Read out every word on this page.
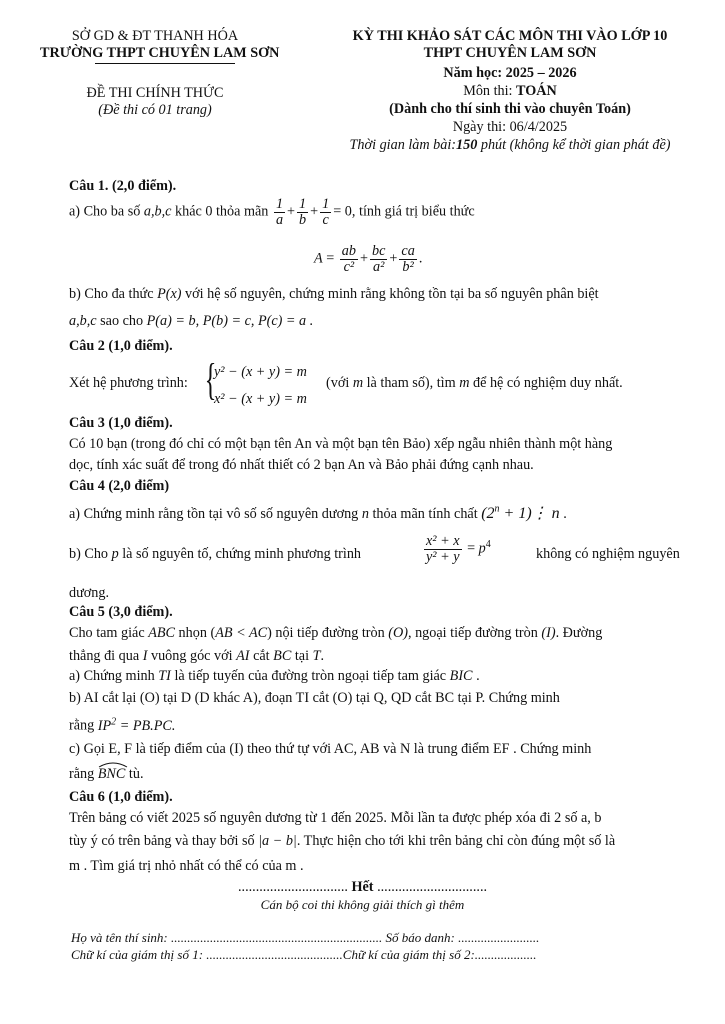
SỞ GD & ĐT THANH HÓA
TRƯỜNG THPT CHUYÊN LAM SƠN
ĐỀ THI CHÍNH THỨC
(Đề thi có 01 trang)
KỲ THI KHẢO SÁT CÁC MÔN THI VÀO LỚP 10
THPT CHUYÊN LAM SƠN
Năm học: 2025 – 2026
Môn thi: TOÁN
(Dành cho thí sinh thi vào chuyên Toán)
Ngày thi: 06/4/2025
Thời gian làm bài:150 phút (không kể thời gian phát đề)
Câu 1. (2,0 điểm).
a) Cho ba số a,b,c khác 0 thỏa mãn $\frac{1}{a} + \frac{1}{b} + \frac{1}{c} = 0$, tính giá trị biểu thức
$A = \frac{ab}{\text{c²}} + \frac{bc}{\text{a²}} + \frac{ca}{\text{b²}}$ .
b) Cho đa thức P(x) với hệ số nguyên, chứng minh rằng không tồn tại ba số nguyên phân biệt
a,b,c sao cho P(a) = b, P(b) = c, P(c) = a .
Câu 2 (1,0 điểm).
Xét hệ phương trình: {
y² − (x + y) = m
x² − (x + y) = m
(với m là tham số), tìm m để hệ có nghiệm duy nhất.
Câu 3 (1,0 điểm).
Có 10 bạn (trong đó chỉ có một bạn tên An và một bạn tên Bảo) xếp ngẫu nhiên thành một hàng
dọc, tính xác suất để trong đó nhất thiết có 2 bạn An và Bảo phải đứng cạnh nhau.
Câu 4 (2,0 điểm)
a) Chứng minh rằng tồn tại vô số số nguyên dương n thỏa mãn tính chất ($2^n$ + 1)⋮ n .
b) Cho p là số nguyên tố, chứng minh phương trình	$\frac{\text{x² + x}}{\text{y² + y}} = p^4$
không có nghiệm nguyên
dương.
Câu 5 (3,0 điểm).
Cho tam giác ABC nhọn (AB < AC) nội tiếp đường tròn (O), ngoại tiếp đường tròn (I). Đường
thẳng đi qua I vuông góc với AI cắt BC tại T.
a) Chứng minh TI là tiếp tuyến của đường tròn ngoại tiếp tam giác BIC .
b) AI cắt lại (O) tại D (D khác A), đoạn TI cắt (O) tại Q, QD cắt BC tại P. Chứng minh
rằng $IP^2 = PB.PC$.
c) Gọi E, F là tiếp điểm của (I) theo thứ tự với AC, AB và N là trung điểm EF . Chứng minh
rằng BNC
tù.
Câu 6 (1,0 điểm).
Trên bảng có viết 2025 số nguyên dương từ 1 đến 2025. Mỗi lần ta được phép xóa đi 2 số a, b
tùy ý có trên bảng và thay bởi số |a − b|. Thực hiện cho tới khi trên bảng chỉ còn đúng một số là
m . Tìm giá trị nhỏ nhất có thể có của m .
............................... Hết ...............................
Cán bộ coi thi không giải thích gì thêm
Họ và tên thí sinh: ................................................................. Số báo danh: .........................
Chữ kí của giám thị số 1: ..........................................Chữ kí của giám thị số 2:...................
